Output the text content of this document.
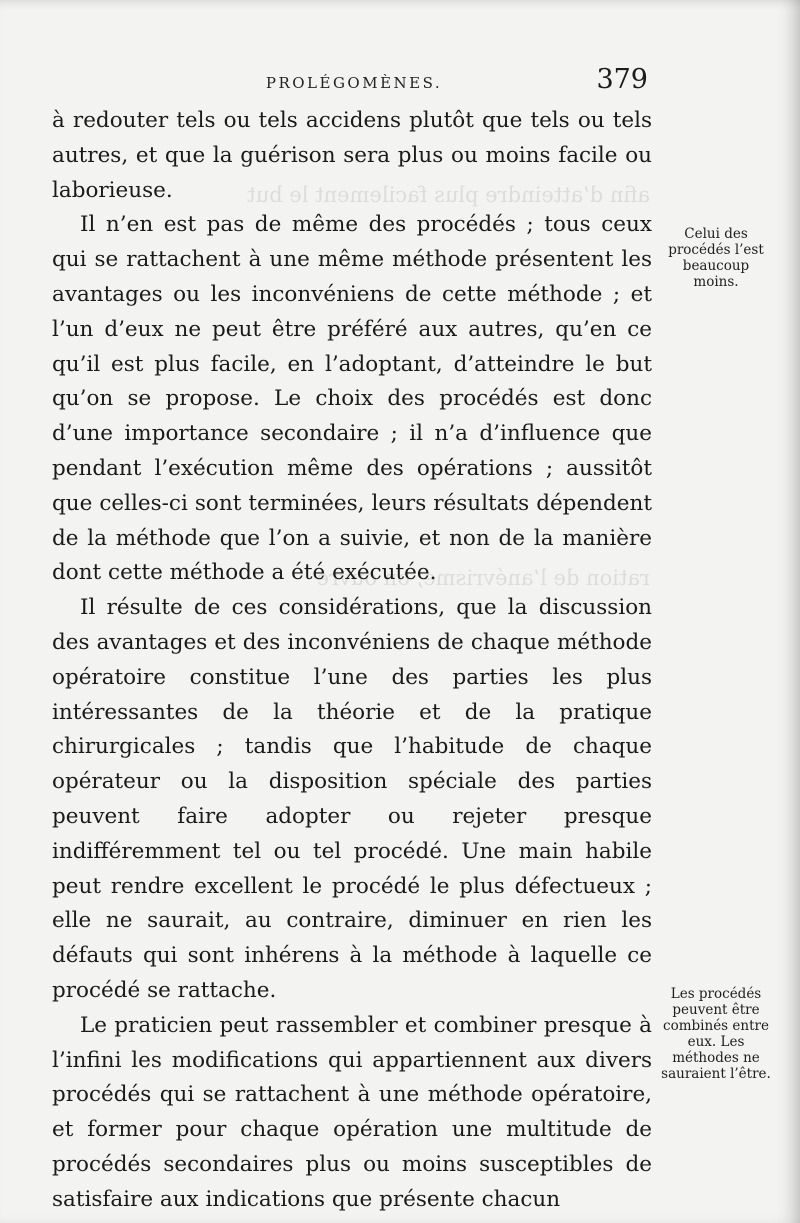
afin d’atteindre plus facilement le but
ration de l’anévrisme, on ouvre
PROLÉGOMÈNES.	379

à redouter tels ou tels accidens plutôt que tels ou tels autres, et que la guérison sera plus ou moins facile ou laborieuse.

Il n’en est pas de même des procédés ; tous ceux qui se rattachent à une même méthode présentent les avantages ou les inconvéniens de cette méthode ; et l’un d’eux ne peut être préféré aux autres, qu’en ce qu’il est plus facile, en l’adoptant, d’atteindre le but qu’on se propose. Le choix des procédés est donc d’une importance secondaire ; il n’a d’influence que pendant l’exécution même des opérations ; aussitôt que celles-ci sont terminées, leurs résultats dépendent de la méthode que l’on a suivie, et non de la manière dont cette méthode a été exécutée.

Il résulte de ces considérations, que la discussion des avantages et des inconvéniens de chaque méthode opératoire constitue l’une des parties les plus intéressantes de la théorie et de la pratique chirurgicales ; tandis que l’habitude de chaque opérateur ou la disposition spéciale des parties peuvent faire adopter ou rejeter presque indifféremment tel ou tel procédé. Une main habile peut rendre excellent le procédé le plus défectueux ; elle ne saurait, au contraire, diminuer en rien les défauts qui sont inhérens à la méthode à laquelle ce procédé se rattache.

Le praticien peut rassembler et combiner presque à l’infini les modifications qui appartiennent aux divers procédés qui se rattachent à une méthode opératoire, et former pour chaque opération une multitude de procédés secondaires plus ou moins susceptibles de satisfaire aux indications que présente chacun

Celui des procédés l’est beaucoup moins.
Les procédés peuvent être combinés entre eux. Les méthodes ne sauraient l’être.
